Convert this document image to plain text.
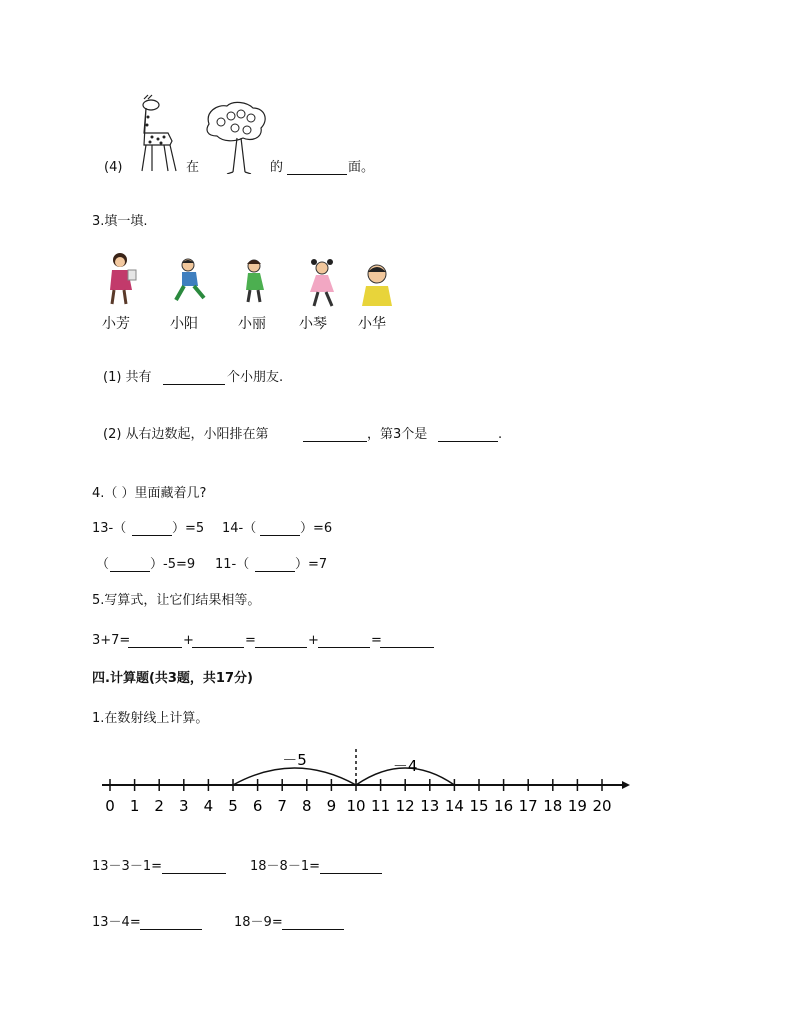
(4)	在	的	面。
3.填一填.
小芳	小阳	小丽 小琴 小华
(1) 共有	个小朋友.
(2) 从右边数起，小阳排在第	，第3个是	.
4.（ ）里面藏着几?
13-（	）=5 14-（	）=6
（	）-5=9 11-（	）=7
5.写算式，让它们结果相等。
3+7=	+	=	+	=
四.计算题(共3题，共17分)
1.在数射线上计算。
0 1 2 3 4 5 6 7 8 9 10 11 12 13 14 15 16 17 18 19 20
－5	－4
13－3－1=	18－8－1=
13－4=	18－9=
